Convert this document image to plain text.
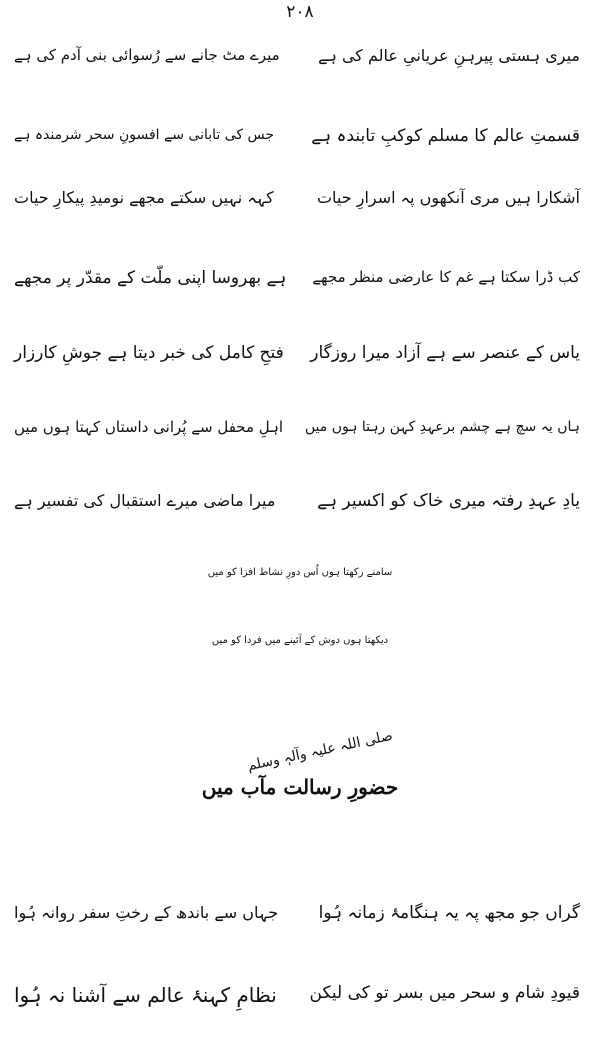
۲۰۸
میری ہستی پیرہنِ عریانیِ عالم کی ہے
میرے مٹ جانے سے رُسوائی بنی آدم کی ہے
قسمتِ عالم کا مسلم کوکبِ تابندہ ہے
جس کی تابانی سے افسونِ سحر شرمندہ ہے
آشکارا ہیں مری آنکھوں پہ اسرارِ حیات
کہہ نہیں سکتے مجھے نومیدِ پیکارِ حیات
کب ڈرا سکتا ہے غم کا عارضی منظر مجھے
ہے بھروسا اپنی ملّت کے مقدّر پر مجھے
یاس کے عنصر سے ہے آزاد میرا روزگار
فتحِ کامل کی خبر دیتا ہے جوشِ کارزار
ہاں یہ سچ ہے چشم برعہدِ کہن رہتا ہوں میں
اہلِ محفل سے پُرانی داستاں کہتا ہوں میں
یادِ عہدِ رفتہ میری خاک کو اکسیر ہے
میرا ماضی میرے استقبال کی تفسیر ہے
سامنے رکھتا ہوں اُس دورِ نشاط افزا کو میں
دیکھتا ہوں دوش کے آئینے میں فردا کو میں
صلی اللہ علیہ وآلہٖ وسلم
حضورِ رسالت مآب میں
گراں جو مجھ پہ یہ ہنگامۂ زمانہ ہُوا
جہاں سے باندھ کے رختِ سفر روانہ ہُوا
قیودِ شام و سحر میں بسر تو کی لیکن
نظامِ کہنۂ عالم سے آشنا نہ ہُوا
